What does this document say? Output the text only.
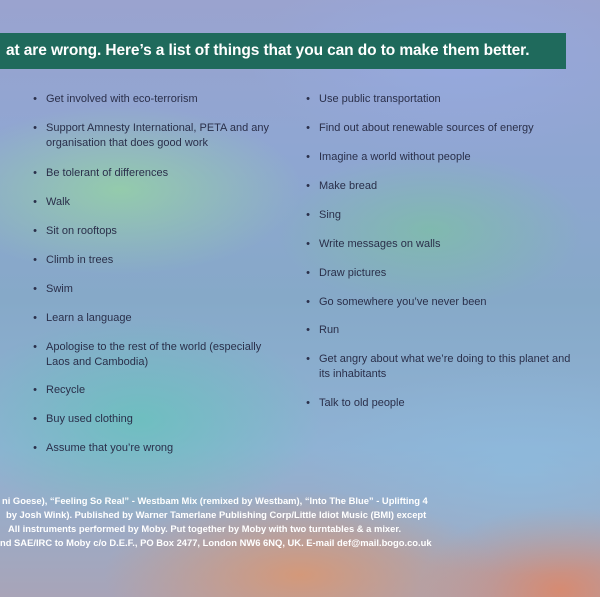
at are wrong. Here’s a list of things that you can do to make them better.
• Get involved with eco-terrorism
• Support Amnesty International, PETA and any organisation that does good work
• Be tolerant of differences
• Walk
• Sit on rooftops
• Climb in trees
• Swim
• Learn a language
• Apologise to the rest of the world (especially Laos and Cambodia)
• Recycle
• Buy used clothing
• Assume that you’re wrong
• Use public transportation
• Find out about renewable sources of energy
• Imagine a world without people
• Make bread
• Sing
• Write messages on walls
• Draw pictures
• Go somewhere you’ve never been
• Run
• Get angry about what we’re doing to this planet and its inhabitants
• Talk to old people
ni Goese), “Feeling So Real” - Westbam Mix (remixed by Westbam), “Into The Blue” - Uplifting 4
by Josh Wink). Published by Warner Tamerlane Publishing Corp/Little Idiot Music (BMI) except
All instruments performed by Moby. Put together by Moby with two turntables & a mixer.
nd SAE/IRC to Moby c/o D.E.F., PO Box 2477, London NW6 6NQ, UK. E-mail def@mail.bogo.co.uk
